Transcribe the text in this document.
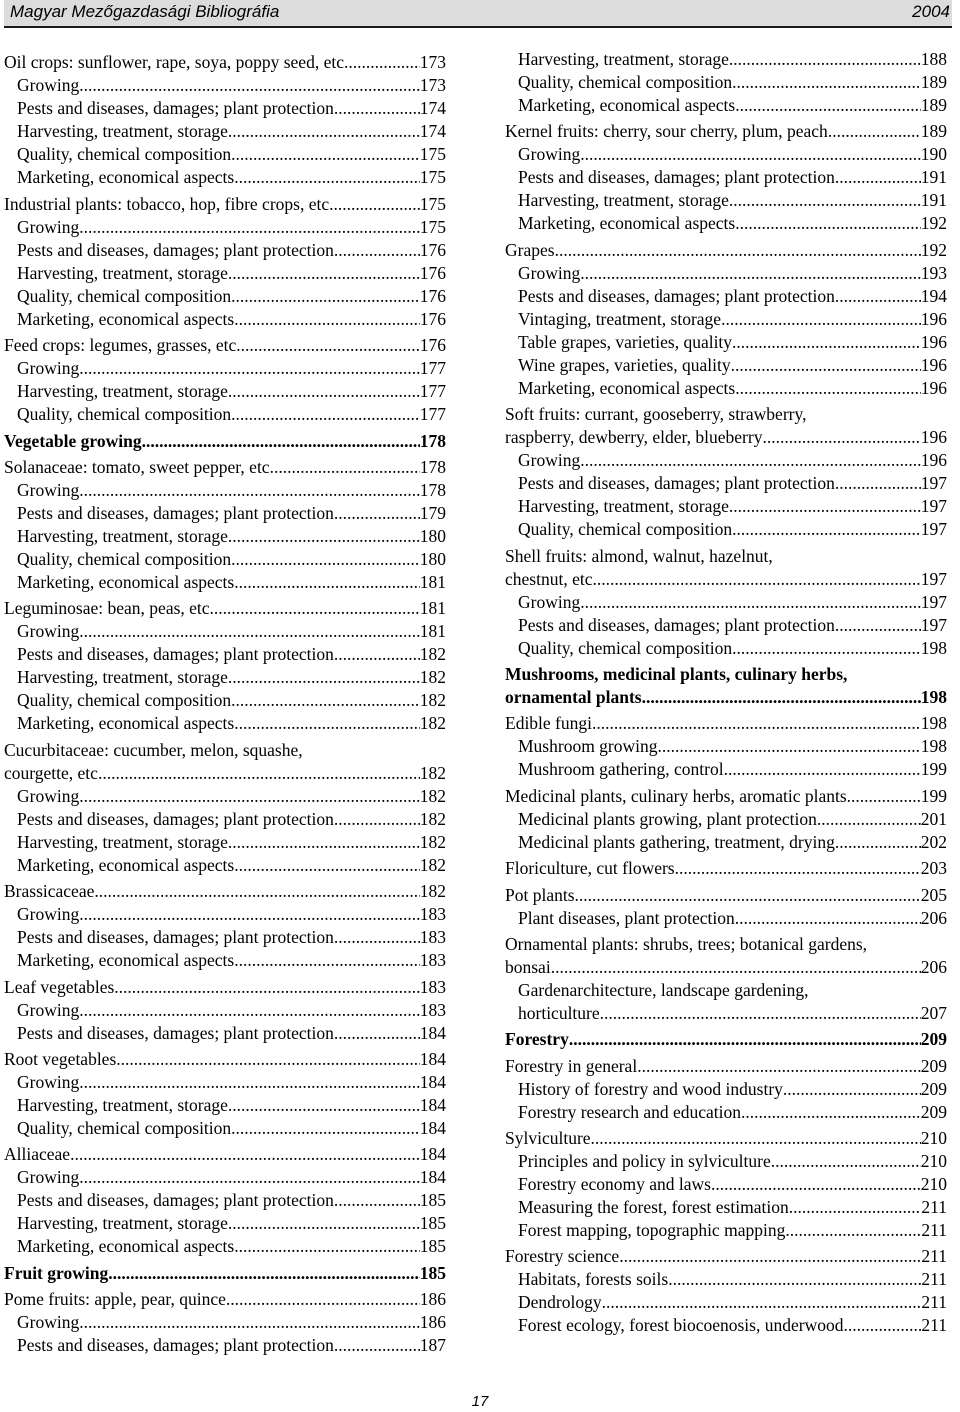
Magyar Mezőgazdasági Bibliográfia	2004
Oil crops: sunflower, rape, soya, poppy seed, etc. .....	173
Growing .....	173
Pests and diseases, damages; plant protection .....	174
Harvesting, treatment, storage .....	174
Quality, chemical composition .....	175
Marketing, economical aspects .....	175
Industrial plants: tobacco, hop, fibre crops, etc. .....	175
Growing .....	175
Pests and diseases, damages; plant protection .....	176
Harvesting, treatment, storage .....	176
Quality, chemical composition .....	176
Marketing, economical aspects .....	176
Feed crops: legumes, grasses, etc. .....	176
Growing .....	177
Harvesting, treatment, storage .....	177
Quality, chemical composition .....	177
Vegetable growing .....	178
Solanaceae: tomato, sweet pepper, etc. .....	178
Growing .....	178
Pests and diseases, damages; plant protection .....	179
Harvesting, treatment, storage .....	180
Quality, chemical composition .....	180
Marketing, economical aspects .....	181
Leguminosae: bean, peas, etc. .....	181
Growing .....	181
Pests and diseases, damages; plant protection .....	182
Harvesting, treatment, storage .....	182
Quality, chemical composition .....	182
Marketing, economical aspects .....	182
Cucurbitaceae: cucumber, melon, squashe,
courgette, etc .....	182
Growing .....	182
Pests and diseases, damages; plant protection .....	182
Harvesting, treatment, storage .....	182
Marketing, economical aspects .....	182
Brassicaceae .....	182
Growing .....	183
Pests and diseases, damages; plant protection .....	183
Marketing, economical aspects .....	183
Leaf vegetables .....	183
Growing .....	183
Pests and diseases, damages; plant protection .....	184
Root vegetables .....	184
Growing .....	184
Harvesting, treatment, storage .....	184
Quality, chemical composition .....	184
Alliaceae .....	184
Growing .....	184
Pests and diseases, damages; plant protection .....	185
Harvesting, treatment, storage .....	185
Marketing, economical aspects .....	185
Fruit growing .....	185
Pome fruits: apple, pear, quince .....	186
Growing .....	186
Pests and diseases, damages; plant protection .....	187
Harvesting, treatment, storage .....	188
Quality, chemical composition .....	189
Marketing, economical aspects .....	189
Kernel fruits: cherry, sour cherry, plum, peach .....	189
Growing .....	190
Pests and diseases, damages; plant protection .....	191
Harvesting, treatment, storage .....	191
Marketing, economical aspects .....	192
Grapes .....	192
Growing .....	193
Pests and diseases, damages; plant protection .....	194
Vintaging, treatment, storage .....	196
Table grapes, varieties, quality .....	196
Wine grapes, varieties, quality .....	196
Marketing, economical aspects .....	196
Soft fruits: currant, gooseberry, strawberry,
raspberry, dewberry, elder, blueberry .....	196
Growing .....	196
Pests and diseases, damages; plant protection .....	197
Harvesting, treatment, storage .....	197
Quality, chemical composition .....	197
Shell fruits: almond, walnut, hazelnut,
chestnut, etc. .....	197
Growing .....	197
Pests and diseases, damages; plant protection .....	197
Quality, chemical composition .....	198
Mushrooms, medicinal plants, culinary herbs,
ornamental plants .....	198
Edible fungi .....	198
Mushroom growing .....	198
Mushroom gathering, control .....	199
Medicinal plants, culinary herbs, aromatic plants .....	199
Medicinal plants growing, plant protection .....	201
Medicinal plants gathering, treatment, drying .....	202
Floriculture, cut flowers .....	203
Pot plants .....	205
Plant diseases, plant protection .....	206
Ornamental plants: shrubs, trees; botanical gardens,
bonsai .....	206
Gardenarchitecture, landscape gardening,
horticulture .....	207
Forestry .....	209
Forestry in general .....	209
History of forestry and wood industry .....	209
Forestry research and education .....	209
Sylviculture .....	210
Principles and policy in sylviculture .....	210
Forestry economy and laws .....	210
Measuring the forest, forest estimation .....	211
Forest mapping, topographic mapping .....	211
Forestry science .....	211
Habitats, forests soils .....	211
Dendrology .....	211
Forest ecology, forest biocoenosis, underwood .....	211
17
